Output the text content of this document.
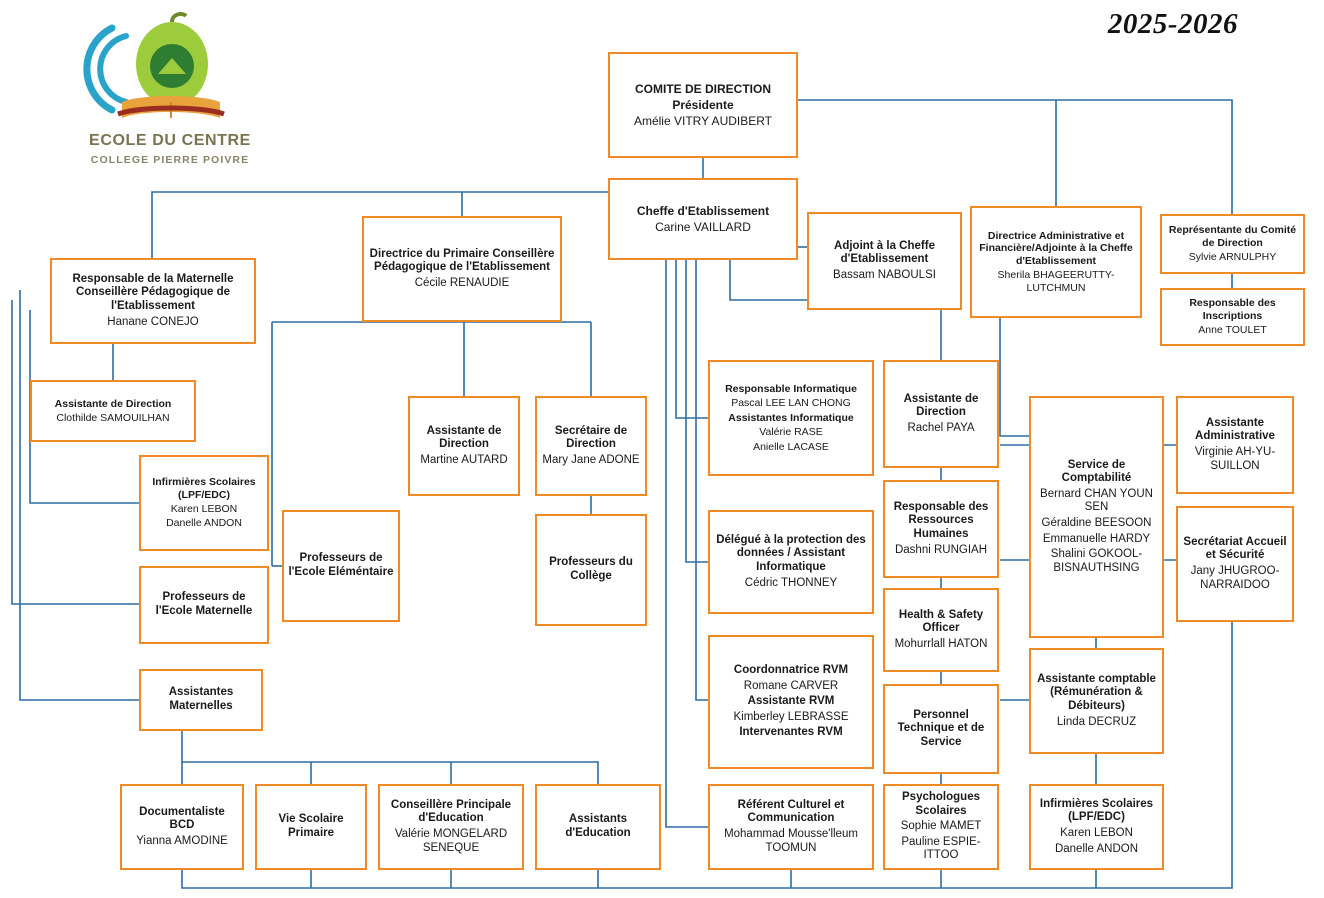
ECOLE DU CENTRE
COLLEGE PIERRE POIVRE
2025-2026
COMITE DE DIRECTION
Présidente
Amélie VITRY AUDIBERT
Cheffe d'Etablissement
Carine VAILLARD
Adjoint à la Cheffe d'Etablissement
Bassam NABOULSI
Directrice Administrative et Financière/Adjointe à la Cheffe d'Etablissement
Sherila BHAGEERUTTY-LUTCHMUN
Représentante du Comité de Direction
Sylvie ARNULPHY
Responsable des Inscriptions
Anne TOULET
Directrice du Primaire Conseillère Pédagogique de l'Etablissement
Cécile RENAUDIE
Responsable de la Maternelle Conseillère Pédagogique de l'Etablissement
Hanane CONEJO
Assistante de Direction
Clothilde SAMOUILHAN
Infirmières Scolaires (LPF/EDC)
Karen LEBON
Danelle ANDON
Professeurs de l'Ecole Maternelle
Assistantes Maternelles
Professeurs de l'Ecole Eléméntaire
Assistante de Direction
Martine AUTARD
Secrétaire de Direction
Mary Jane ADONE
Professeurs du Collège
Responsable Informatique
Pascal LEE LAN CHONG
Assistantes Informatique
Valérie RASE
Anielle LACASE
Assistante de Direction
Rachel PAYA
Service de Comptabilité
Bernard CHAN YOUN SEN
Géraldine BEESOON
Emmanuelle HARDY
Shalini GOKOOL-BISNAUTHSING
Assistante Administrative
Virginie AH-YU-SUILLON
Secrétariat Accueil et Sécurité
Jany JHUGROO-NARRAIDOO
Délégué à la protection des données / Assistant Informatique
Cédric THONNEY
Responsable des Ressources Humaines
Dashni RUNGIAH
Health & Safety Officer
Mohurrlall HATON
Coordonnatrice RVM
Romane CARVER
Assistante RVM
Kimberley LEBRASSE
Intervenantes RVM
Personnel Technique et de Service
Assistante comptable (Rémunération & Débiteurs)
Linda DECRUZ
Documentaliste BCD
Yianna AMODINE
Vie Scolaire Primaire
Conseillère Principale d'Education
Valérie MONGELARD SENEQUE
Assistants d'Education
Référent Culturel et Communication
Mohammad Mousse'lleum TOOMUN
Psychologues Scolaires
Sophie MAMET
Pauline ESPIE-ITTOO
Infirmières Scolaires (LPF/EDC)
Karen LEBON
Danelle ANDON
